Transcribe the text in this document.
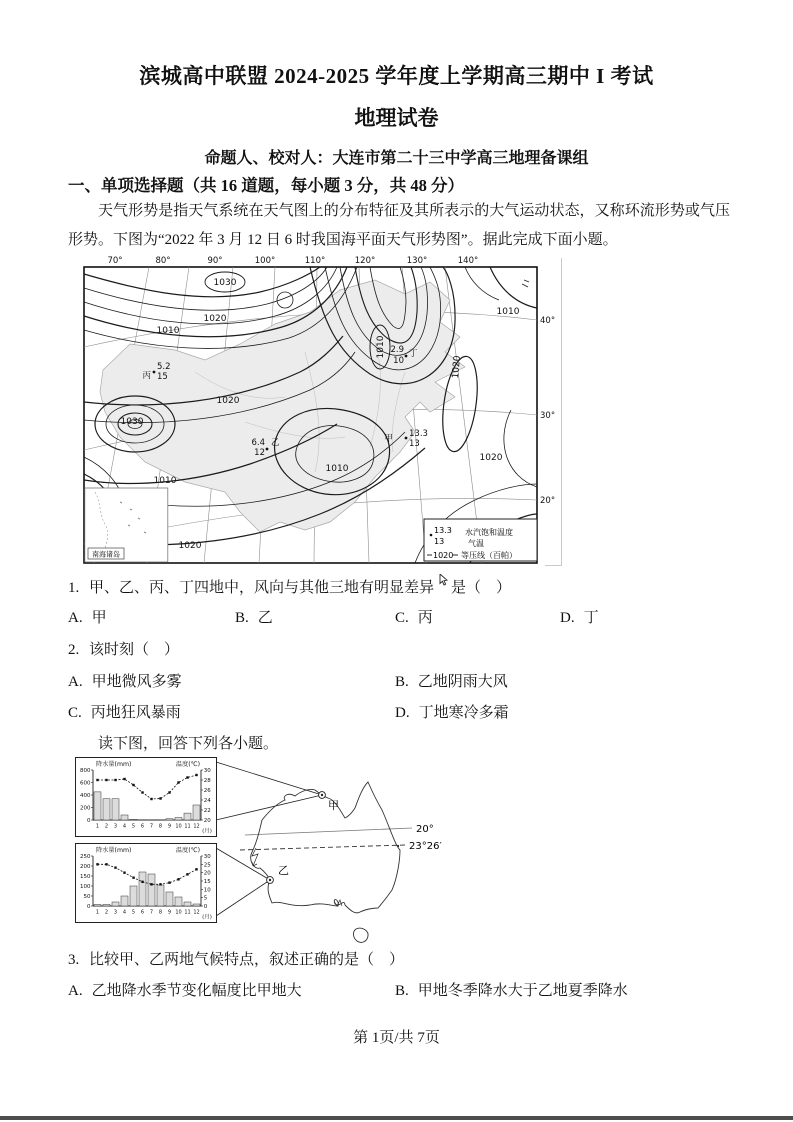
滨城高中联盟 2024-2025 学年度上学期高三期中 I 考试
地理试卷
命题人、校对人：大连市第二十三中学高三地理备课组
一、单项选择题（共 16 道题，每小题 3 分，共 48 分）
天气形势是指天气系统在天气图上的分布特征及其所表示的大气运动状态，又称环流形势或气压形势。下图为“2022 年 3 月 12 日 6 时我国海平面天气形势图”。据此完成下面小题。
70°	80°	90°	100°	110°	120°	130°	140°
1030
1020
1010
1010
1010
1020
1030
1020
1010
1020
1010
1020
甲 13.3
13
乙
6.4
12
丙
5.2
15
丁
2.9
10
南海诸岛
13.3
13
水汽饱和温度
气温
1020 等压线（百帕）
40°
30°
20°
1. 甲、乙、丙、丁四地中，风向与其他三地有明显差异 是（　）
A. 甲	B. 乙	C. 丙	D. 丁
2. 该时刻（　）
A. 甲地微风多雾	B. 乙地阴雨大风
C. 丙地狂风暴雨	D. 丁地寒冷多霜
读下图，回答下列各小题。
20°
23°26′
甲
乙
800
600
400
200
0
30
28
26
24
22
20
1 2 3 4 5 6 7 8 9 10 11 12
(月)
降水量(mm)	温度(℃)
250
200
150
100
50
0
30
25
20
15
10
5
0
1 2 3 4 5 6 7 8 9 10 11 12
(月)
降水量(mm)	温度(℃)
3. 比较甲、乙两地气候特点，叙述正确的是（　）
A. 乙地降水季节变化幅度比甲地大	B. 甲地冬季降水大于乙地夏季降水
第 1页/共 7页
